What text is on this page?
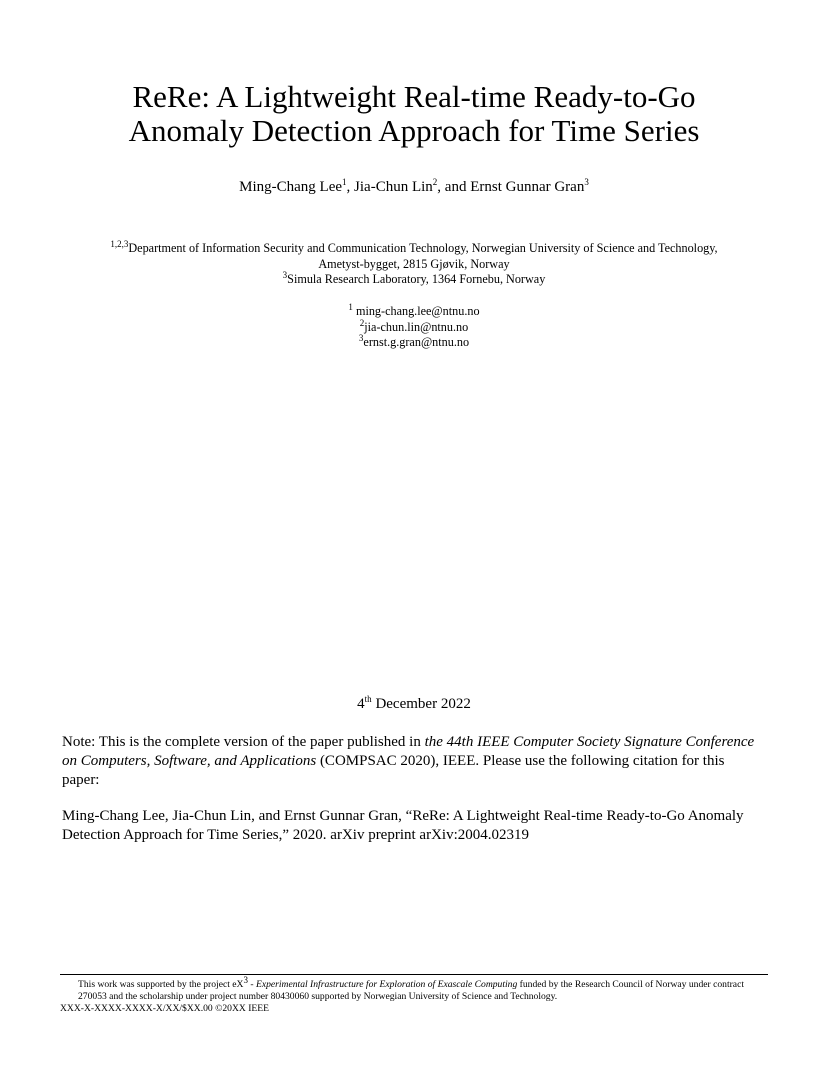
ReRe: A Lightweight Real-time Ready-to-Go
Anomaly Detection Approach for Time Series
Ming-Chang Lee$^1$, Jia-Chun Lin$^2$, and Ernst Gunnar Gran$^3$
$^{1,2,3}$Department of Information Security and Communication Technology, Norwegian University of Science and Technology,
Ametyst-bygget, 2815 Gjøvik, Norway
$^3$Simula Research Laboratory, 1364 Fornebu, Norway
$^1$ ming-chang.lee@ntnu.no
$^2$jia-chun.lin@ntnu.no
$^3$ernst.g.gran@ntnu.no
4th December 2022

Note: This is the complete version of the paper published in the 44th IEEE Computer Society Signature Conference on Computers, Software, and Applications (COMPSAC 2020), IEEE. Please use the following citation for this paper:

Ming-Chang Lee, Jia-Chun Lin, and Ernst Gunnar Gran, “ReRe: A Lightweight Real-time Ready-to-Go Anomaly Detection Approach for Time Series,” 2020. arXiv preprint arXiv:2004.02319

This work was supported by the project $eX^3$ - Experimental Infrastructure for Exploration of Exascale Computing funded by the Research Council of Norway under contract 270053 and the scholarship under project number 80430060 supported by Norwegian University of Science and Technology.

XXX-X-XXXX-XXXX-X/XX/$XX.00 ©20XX IEEE
